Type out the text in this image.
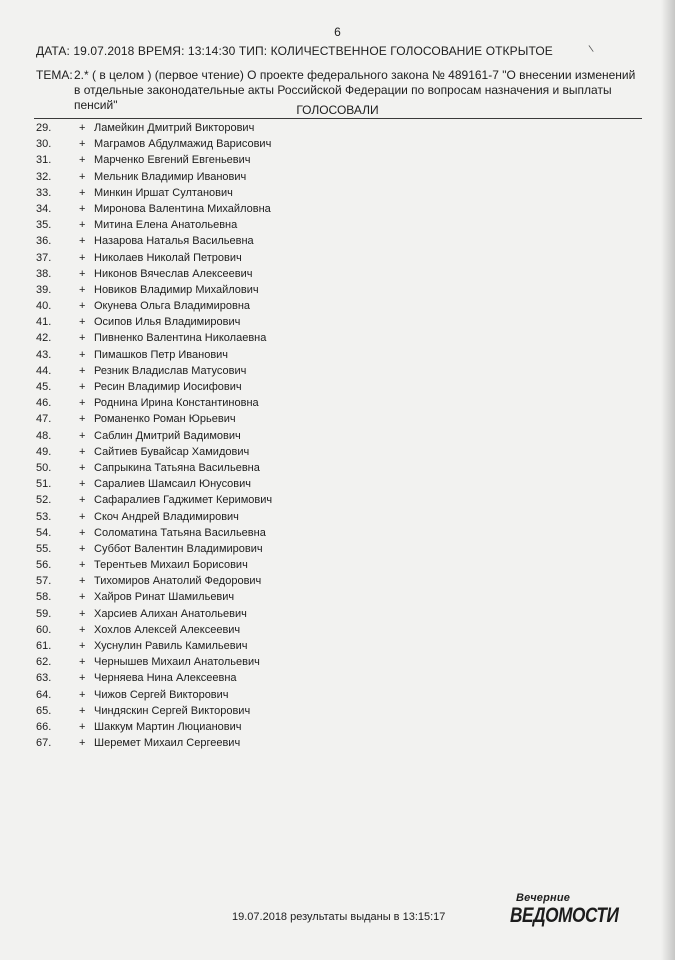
6
ДАТА: 19.07.2018 ВРЕМЯ: 13:14:30 ТИП: КОЛИЧЕСТВЕННОЕ ГОЛОСОВАНИЕ ОТКРЫТОЕ	\
ТЕМА: 2.* ( в целом ) (первое чтение) О проекте федерального закона № 489161-7 "О внесении изменений в отдельные законодательные акты Российской Федерации по вопросам назначения и выплаты пенсий"	ГОЛОСОВАЛИ
29.	+ Ламейкин Дмитрий Викторович
30.	+ Маграмов Абдулмажид Варисович
31.	+ Марченко Евгений Евгеньевич
32.	+ Мельник Владимир Иванович
33.	+ Минкин Иршат Султанович
34.	+ Миронова Валентина Михайловна
35.	+ Митина Елена Анатольевна
36.	+ Назарова Наталья Васильевна
37.	+ Николаев Николай Петрович
38.	+ Никонов Вячеслав Алексеевич
39.	+ Новиков Владимир Михайлович
40.	+ Окунева Ольга Владимировна
41.	+ Осипов Илья Владимирович
42.	+ Пивненко Валентина Николаевна
43.	+ Пимашков Петр Иванович
44.	+ Резник Владислав Матусович
45.	+ Ресин Владимир Иосифович
46.	+ Роднина Ирина Константиновна
47.	+ Романенко Роман Юрьевич
48.	+ Саблин Дмитрий Вадимович
49.	+ Сайтиев Бувайсар Хамидович
50.	+ Сапрыкина Татьяна Васильевна
51.	+ Саралиев Шамсаил Юнусович
52.	+ Сафаралиев Гаджимет Керимович
53.	+ Скоч Андрей Владимирович
54.	+ Соломатина Татьяна Васильевна
55.	+ Суббот Валентин Владимирович
56.	+ Терентьев Михаил Борисович
57.	+ Тихомиров Анатолий Федорович
58.	+ Хайров Ринат Шамильевич
59.	+ Харсиев Алихан Анатольевич
60.	+ Хохлов Алексей Алексеевич
61.	+ Хуснулин Равиль Камильевич
62.	+ Чернышев Михаил Анатольевич
63.	+ Черняева Нина Алексеевна
64.	+ Чижов Сергей Викторович
65.	+ Чиндяскин Сергей Викторович
66.	+ Шаккум Мартин Люцианович
67.	+ Шеремет Михаил Сергеевич
19.07.2018 результаты выданы в 13:15:17
Вечерние
ВЕДОМОСТИ
